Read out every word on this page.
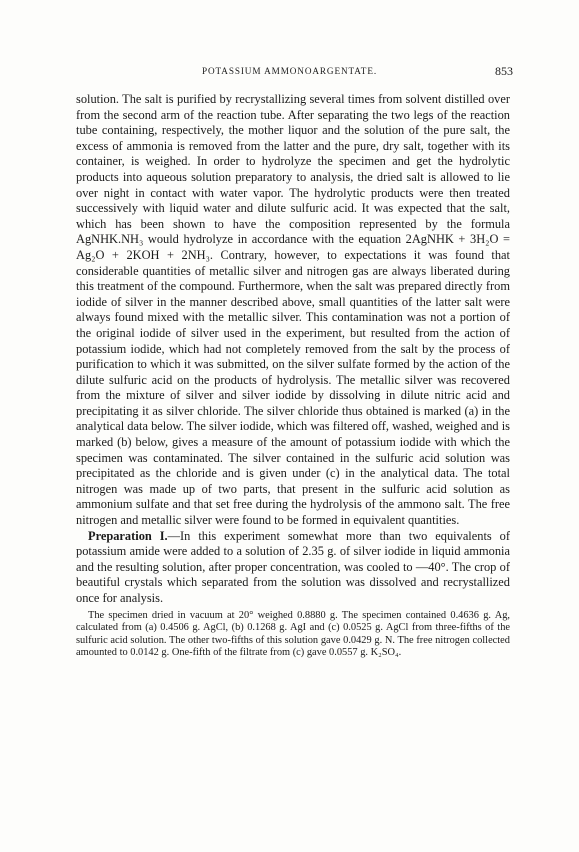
POTASSIUM AMMONOARGENTATE.	853

solution. The salt is purified by recrystallizing several times from solvent distilled over from the second arm of the reaction tube. After separating the two legs of the reaction tube containing, respectively, the mother liquor and the solution of the pure salt, the excess of ammonia is removed from the latter and the pure, dry salt, together with its container, is weighed. In order to hydrolyze the specimen and get the hydrolytic products into aqueous solution preparatory to analysis, the dried salt is allowed to lie over night in contact with water vapor. The hydrolytic products were then treated successively with liquid water and dilute sulfuric acid. It was expected that the salt, which has been shown to have the composition represented by the formula AgNHK.NH₃ would hydrolyze in accordance with the equation 2AgNHK + 3H₂O = Ag₂O + 2KOH + 2NH₃. Contrary, however, to expectations it was found that considerable quantities of metallic silver and nitrogen gas are always liberated during this treatment of the compound. Furthermore, when the salt was prepared directly from iodide of silver in the manner described above, small quantities of the latter salt were always found mixed with the metallic silver. This contamination was not a portion of the original iodide of silver used in the experiment, but resulted from the action of potassium iodide, which had not completely removed from the salt by the process of purification to which it was submitted, on the silver sulfate formed by the action of the dilute sulfuric acid on the products of hydrolysis. The metallic silver was recovered from the mixture of silver and silver iodide by dissolving in dilute nitric acid and precipitating it as silver chloride. The silver chloride thus obtained is marked (a) in the analytical data below. The silver iodide, which was filtered off, washed, weighed and is marked (b) below, gives a measure of the amount of potassium iodide with which the specimen was contaminated. The silver contained in the sulfuric acid solution was precipitated as the chloride and is given under (c) in the analytical data. The total nitrogen was made up of two parts, that present in the sulfuric acid solution as ammonium sulfate and that set free during the hydrolysis of the ammono salt. The free nitrogen and metallic silver were found to be formed in equivalent quantities.

Preparation I.—In this experiment somewhat more than two equivalents of potassium amide were added to a solution of 2.35 g. of silver iodide in liquid ammonia and the resulting solution, after proper concentration, was cooled to —40°. The crop of beautiful crystals which separated from the solution was dissolved and recrystallized once for analysis.

The specimen dried in vacuum at 20° weighed 0.8880 g. The specimen contained 0.4636 g. Ag, calculated from (a) 0.4506 g. AgCl, (b) 0.1268 g. AgI and (c) 0.0525 g. AgCl from three-fifths of the sulfuric acid solution. The other two-fifths of this solution gave 0.0429 g. N. The free nitrogen collected amounted to 0.0142 g. One-fifth of the filtrate from (c) gave 0.0557 g. K₂SO₄.
